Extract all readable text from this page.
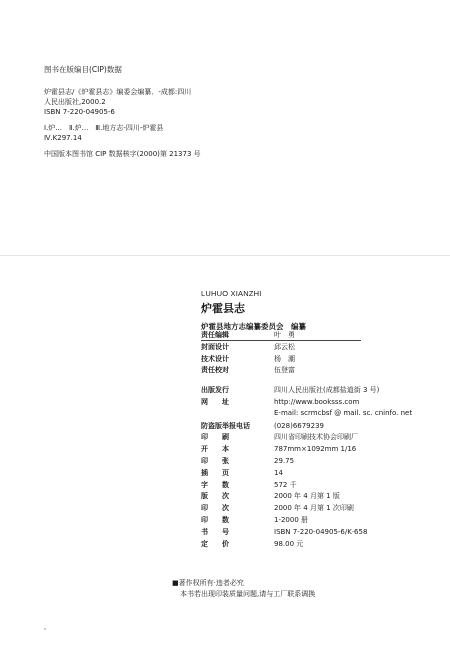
图书在版编目(CIP)数据
炉霍县志/《炉霍县志》编委会编纂．-成都:四川
人民出版社,2000.2
ISBN 7-220-04905-6
Ⅰ.炉...　Ⅱ.炉...　Ⅲ.地方志-四川-炉霍县
Ⅳ.K297.14
中国版本图书馆 CIP 数据核字(2000)第 21373 号
LUHUO XIANZHI
炉霍县志
炉霍县地方志编纂委员会　编纂
责任编辑	叶　勇
封面设计	邱云松
技术设计	杨　潮
责任校对	伍登富
出版发行	四川人民出版社(成都盐道街 3 号)
网　　址	http://www.booksss.com
E-mail: scrmcbsf @ mail. sc. cninfo. net
防盗版举报电话	(028)6679239
印　　刷	四川省印刷技术协会印刷厂
开　　本	787mm×1092mm 1/16
印　　张	29.75
插　　页	14
字　　数	572 千
版　　次	2000 年 4 月第 1 版
印　　次	2000 年 4 月第 1 次印刷
印　　数	1-2000 册
书　　号	ISBN 7-220-04905-6/K·658
定　　价	98.00 元
■著作权所有·违者必究
本书若出现印装质量问题,请与工厂联系调换
